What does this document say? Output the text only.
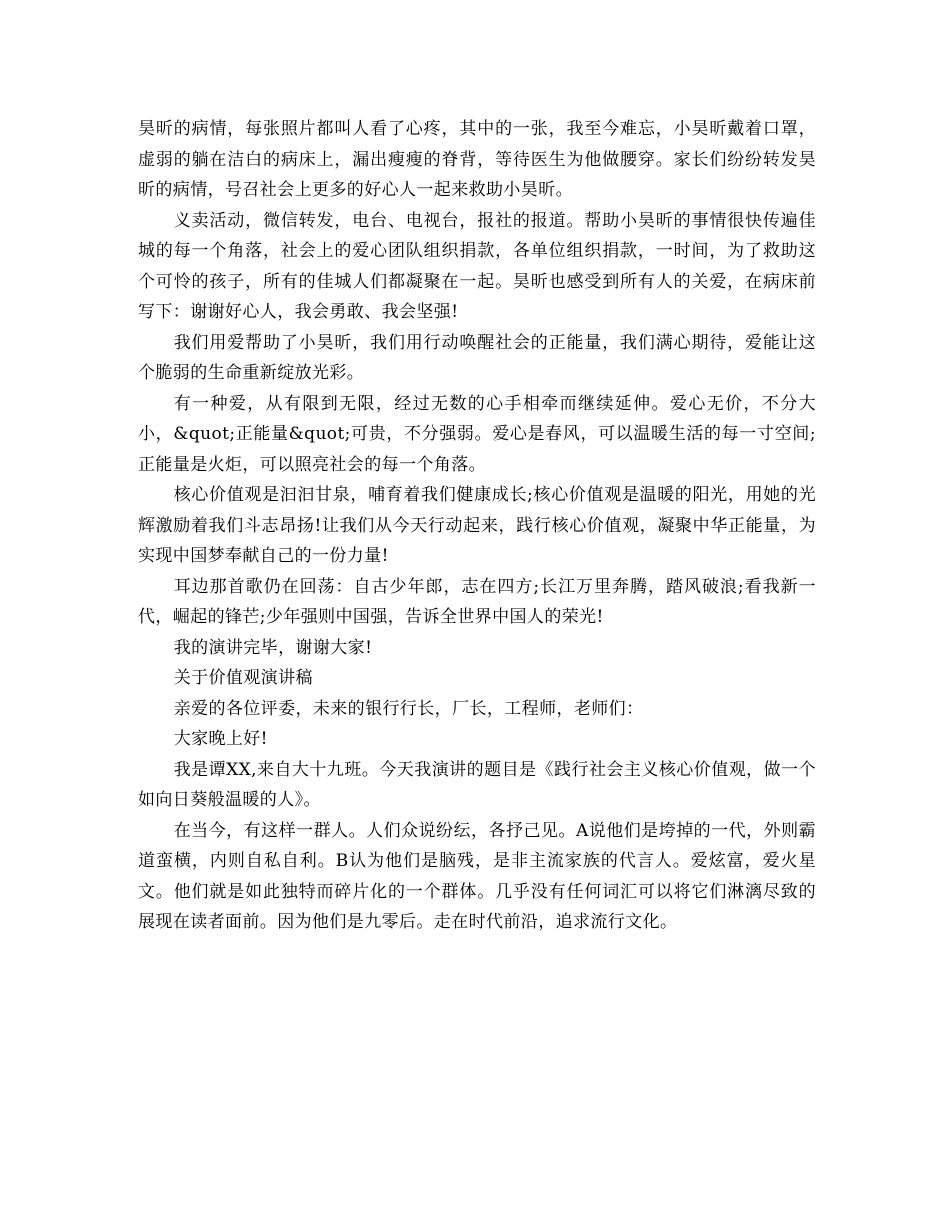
昊昕的病情，每张照片都叫人看了心疼，其中的一张，我至今难忘，小昊昕戴着口罩，虚弱的躺在洁白的病床上，漏出瘦瘦的脊背，等待医生为他做腰穿。家长们纷纷转发昊昕的病情，号召社会上更多的好心人一起来救助小昊昕。

义卖活动，微信转发，电台、电视台，报社的报道。帮助小昊昕的事情很快传遍佳城的每一个角落，社会上的爱心团队组织捐款，各单位组织捐款，一时间，为了救助这个可怜的孩子，所有的佳城人们都凝聚在一起。昊昕也感受到所有人的关爱，在病床前写下：谢谢好心人，我会勇敢、我会坚强!

我们用爱帮助了小昊昕，我们用行动唤醒社会的正能量，我们满心期待，爱能让这个脆弱的生命重新绽放光彩。

有一种爱，从有限到无限，经过无数的心手相牵而继续延伸。爱心无价，不分大小，&quot;正能量&quot;可贵，不分强弱。爱心是春风，可以温暖生活的每一寸空间;正能量是火炬，可以照亮社会的每一个角落。

核心价值观是汩汩甘泉，哺育着我们健康成长;核心价值观是温暖的阳光，用她的光辉激励着我们斗志昂扬!让我们从今天行动起来，践行核心价值观，凝聚中华正能量，为实现中国梦奉献自己的一份力量!

耳边那首歌仍在回荡：自古少年郎，志在四方;长江万里奔腾，踏风破浪;看我新一代，崛起的锋芒;少年强则中国强，告诉全世界中国人的荣光!

我的演讲完毕，谢谢大家!

关于价值观演讲稿

亲爱的各位评委，未来的银行行长，厂长，工程师，老师们：

大家晚上好!

我是谭XX,来自大十九班。今天我演讲的题目是《践行社会主义核心价值观，做一个如向日葵般温暖的人》。

在当今，有这样一群人。人们众说纷纭，各抒己见。A说他们是垮掉的一代，外则霸道蛮横，内则自私自利。B认为他们是脑残，是非主流家族的代言人。爱炫富，爱火星文。他们就是如此独特而碎片化的一个群体。几乎没有任何词汇可以将它们淋漓尽致的展现在读者面前。因为他们是九零后。走在时代前沿，追求流行文化。
